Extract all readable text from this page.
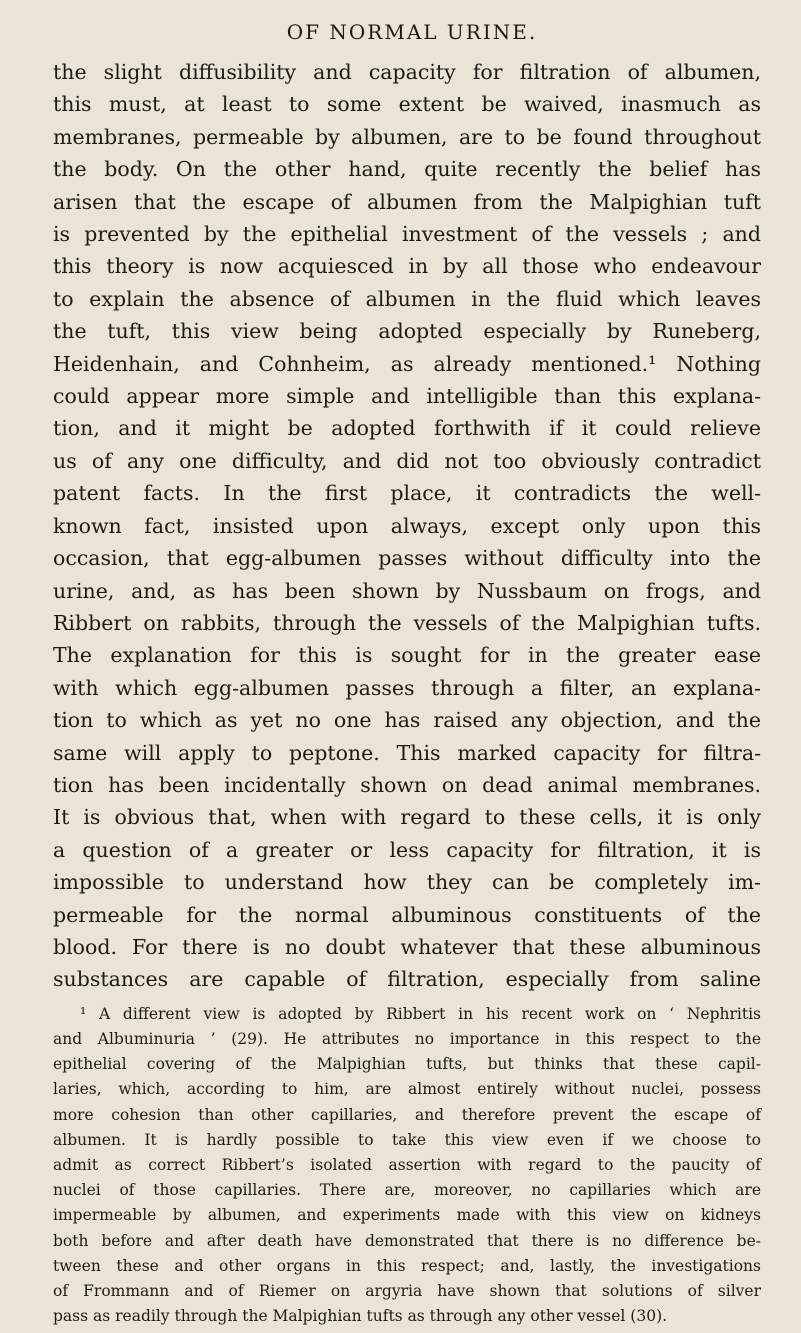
OF NORMAL URINE.
the slight diffusibility and capacity for filtration of albumen,
this must, at least to some extent be waived, inasmuch as
membranes, permeable by albumen, are to be found throughout
the body. On the other hand, quite recently the belief has
arisen that the escape of albumen from the Malpighian tuft
is prevented by the epithelial investment of the vessels ; and
this theory is now acquiesced in by all those who endeavour
to explain the absence of albumen in the fluid which leaves
the tuft, this view being adopted especially by Runeberg,
Heidenhain, and Cohnheim, as already mentioned.¹ Nothing
could appear more simple and intelligible than this explana-
tion, and it might be adopted forthwith if it could relieve
us of any one difficulty, and did not too obviously contradict
patent facts. In the first place, it contradicts the well-
known fact, insisted upon always, except only upon this
occasion, that egg-albumen passes without difficulty into the
urine, and, as has been shown by Nussbaum on frogs, and
Ribbert on rabbits, through the vessels of the Malpighian tufts.
The explanation for this is sought for in the greater ease
with which egg-albumen passes through a filter, an explana-
tion to which as yet no one has raised any objection, and the
same will apply to peptone. This marked capacity for filtra-
tion has been incidentally shown on dead animal membranes.
It is obvious that, when with regard to these cells, it is only
a question of a greater or less capacity for filtration, it is
impossible to understand how they can be completely im-
permeable for the normal albuminous constituents of the
blood. For there is no doubt whatever that these albuminous
substances are capable of filtration, especially from saline
¹ A different view is adopted by Ribbert in his recent work on ‘ Nephritis
and Albuminuria ’ (29). He attributes no importance in this respect to the
epithelial covering of the Malpighian tufts, but thinks that these capil-
laries, which, according to him, are almost entirely without nuclei, possess
more cohesion than other capillaries, and therefore prevent the escape of
albumen. It is hardly possible to take this view even if we choose to
admit as correct Ribbert’s isolated assertion with regard to the paucity of
nuclei of those capillaries. There are, moreover, no capillaries which are
impermeable by albumen, and experiments made with this view on kidneys
both before and after death have demonstrated that there is no difference be-
tween these and other organs in this respect; and, lastly, the investigations
of Frommann and of Riemer on argyria have shown that solutions of silver
pass as readily through the Malpighian tufts as through any other vessel (30).
